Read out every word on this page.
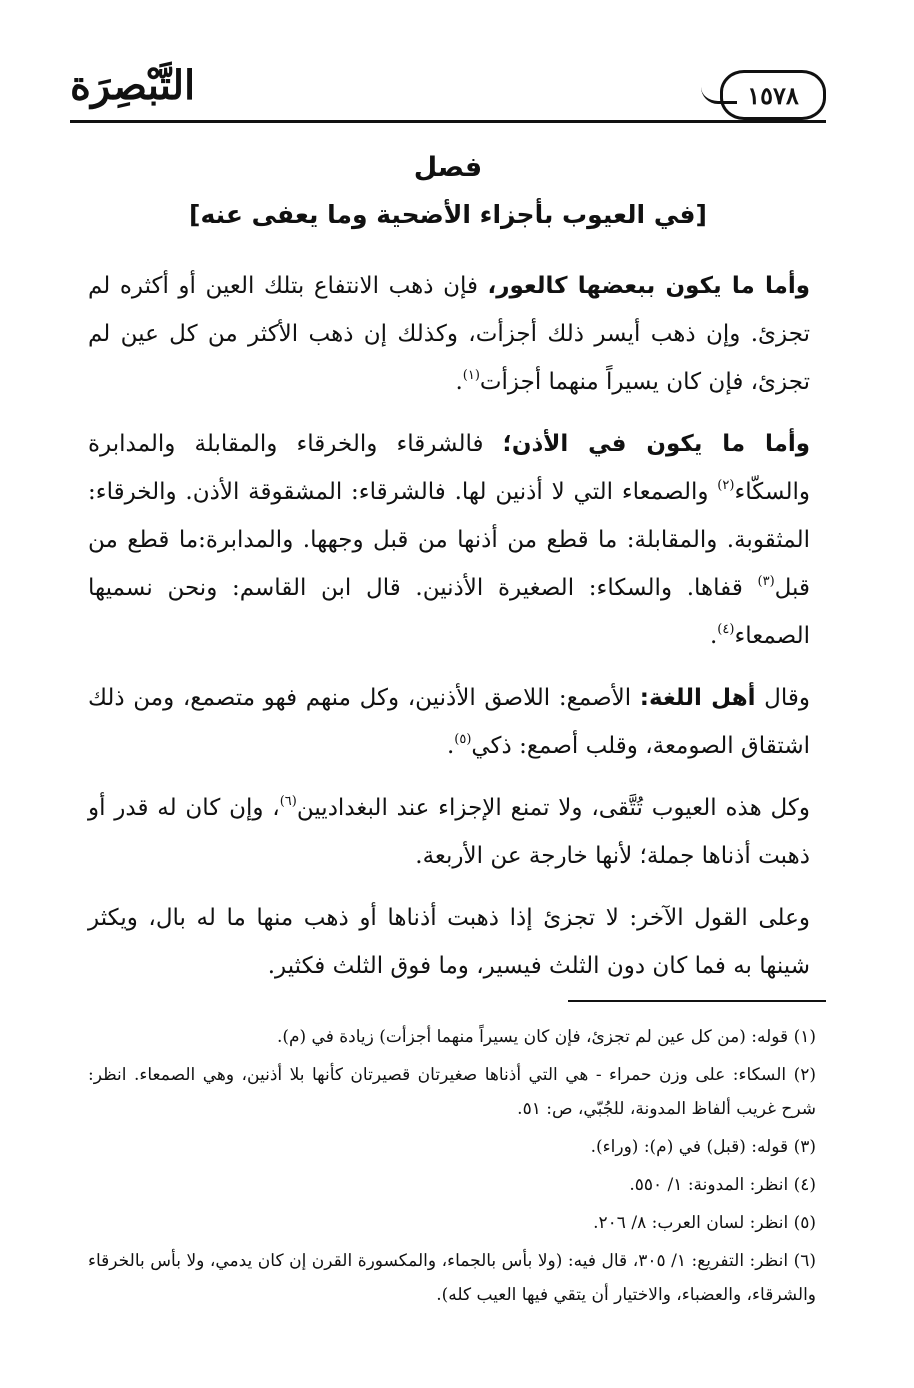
التَّبْصِرَة	١٥٧٨
فصل
[في العيوب بأجزاء الأضحية وما يعفى عنه]

وأما ما يكون ببعضها كالعور، فإن ذهب الانتفاع بتلك العين أو أكثره لم تجزئ. وإن ذهب أيسر ذلك أجزأت، وكذلك إن ذهب الأكثر من كل عين لم تجزئ، فإن كان يسيراً منهما أجزأت$^{(١)}$.

وأما ما يكون في الأذن؛ فالشرقاء والخرقاء والمقابلة والمدابرة والسكّاء$^{(٢)}$ والصمعاء التي لا أذنين لها. فالشرقاء: المشقوقة الأذن. والخرقاء: المثقوبة. والمقابلة: ما قطع من أذنها من قبل وجهها. والمدابرة:ما قطع من قبل$^{(٣)}$ قفاها. والسكاء: الصغيرة الأذنين. قال ابن القاسم: ونحن نسميها الصمعاء$^{(٤)}$.

وقال أهل اللغة: الأصمع: اللاصق الأذنين، وكل منهم فهو متصمع، ومن ذلك اشتقاق الصومعة، وقلب أصمع: ذكي$^{(٥)}$.

وكل هذه العيوب تُتَّقى، ولا تمنع الإجزاء عند البغداديين$^{(٦)}$، وإن كان له قدر أو ذهبت أذناها جملة؛ لأنها خارجة عن الأربعة.

وعلى القول الآخر: لا تجزئ إذا ذهبت أذناها أو ذهب منها ما له بال، ويكثر شينها به فما كان دون الثلث فيسير، وما فوق الثلث فكثير.

(١) قوله: (من كل عين لم تجزئ، فإن كان يسيراً منهما أجزأت) زيادة في (م).

(٢) السكاء: على وزن حمراء - هي التي أذناها صغيرتان قصيرتان كأنها بلا أذنين، وهي الصمعاء. انظر: شرح غريب ألفاظ المدونة، للجُبّي، ص: ٥١.

(٣) قوله: (قبل) في (م): (وراء).

(٤) انظر: المدونة: ١/ ٥٥٠.

(٥) انظر: لسان العرب: ٨/ ٢٠٦.

(٦) انظر: التفريع: ١/ ٣٠٥، قال فيه: (ولا بأس بالجماء، والمكسورة القرن إن كان يدمي، ولا بأس بالخرقاء والشرقاء، والعضباء، والاختيار أن يتقي فيها العيب كله).
